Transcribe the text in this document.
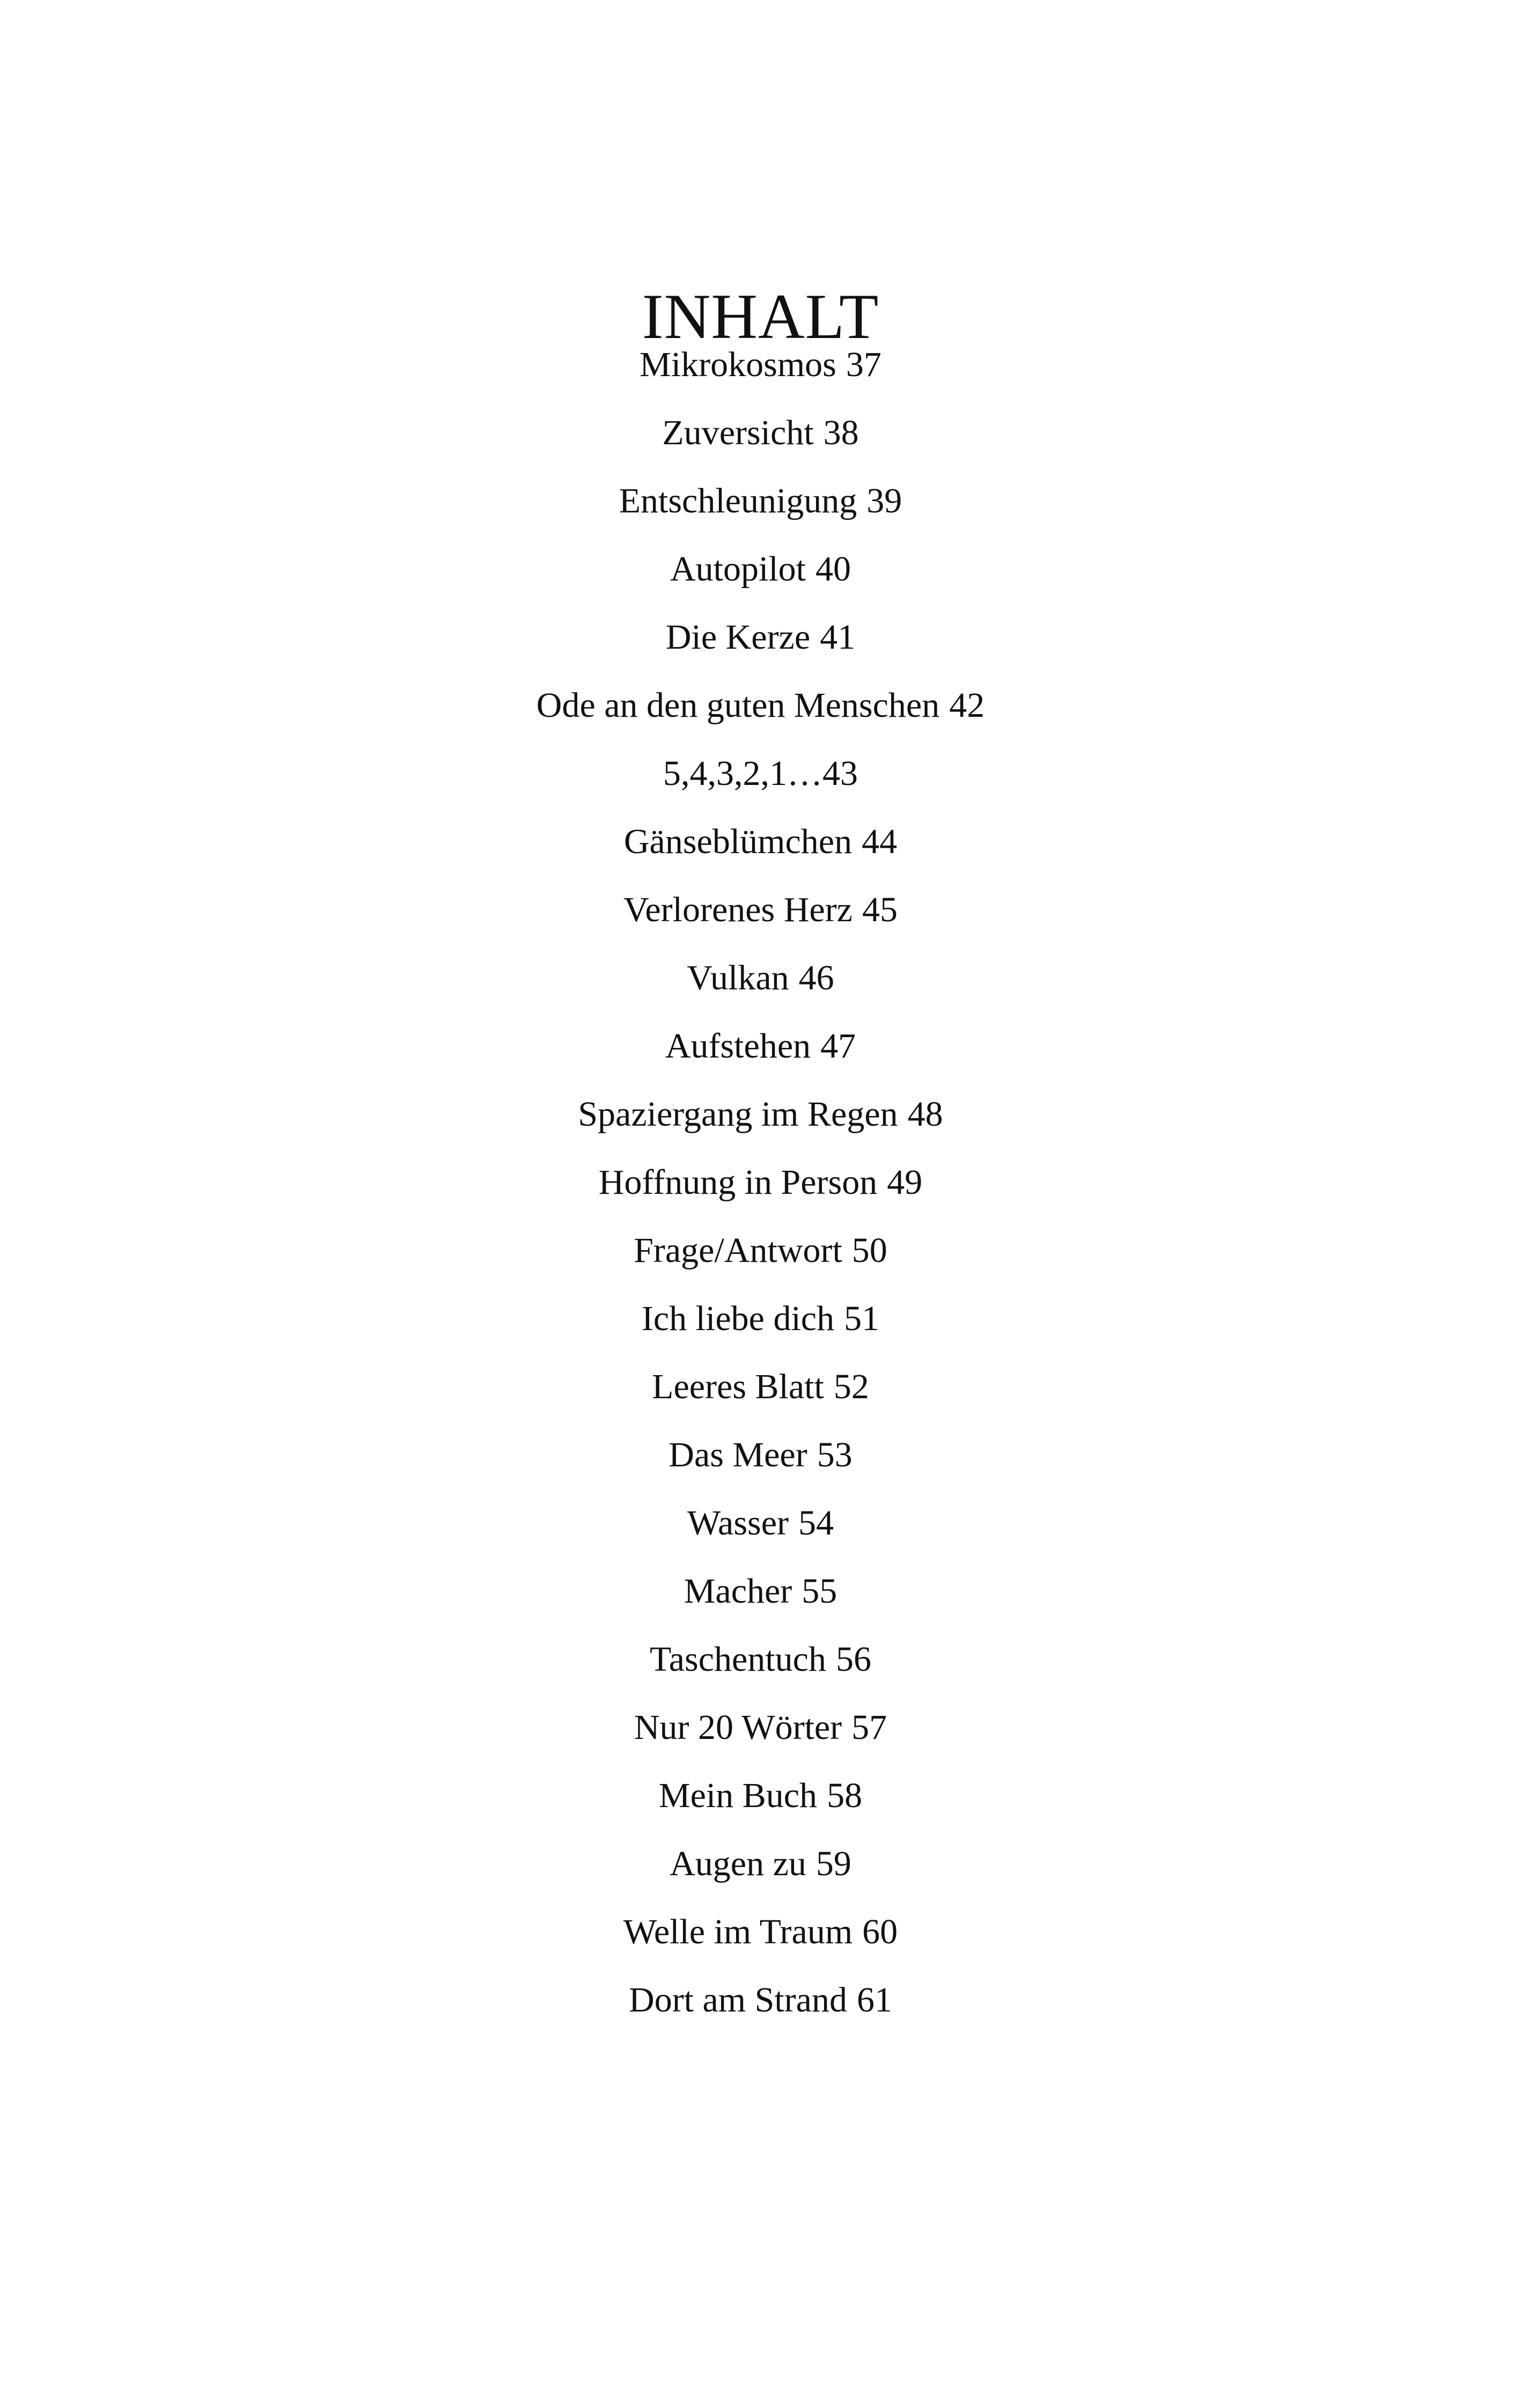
INHALT
Mikrokosmos 37
Zuversicht 38
Entschleunigung 39
Autopilot 40
Die Kerze 41
Ode an den guten Menschen 42
5,4,3,2,1…43
Gänseblümchen 44
Verlorenes Herz 45
Vulkan 46
Aufstehen 47
Spaziergang im Regen 48
Hoffnung in Person 49
Frage/Antwort 50
Ich liebe dich 51
Leeres Blatt 52
Das Meer 53
Wasser 54
Macher 55
Taschentuch 56
Nur 20 Wörter 57
Mein Buch 58
Augen zu 59
Welle im Traum 60
Dort am Strand 61
